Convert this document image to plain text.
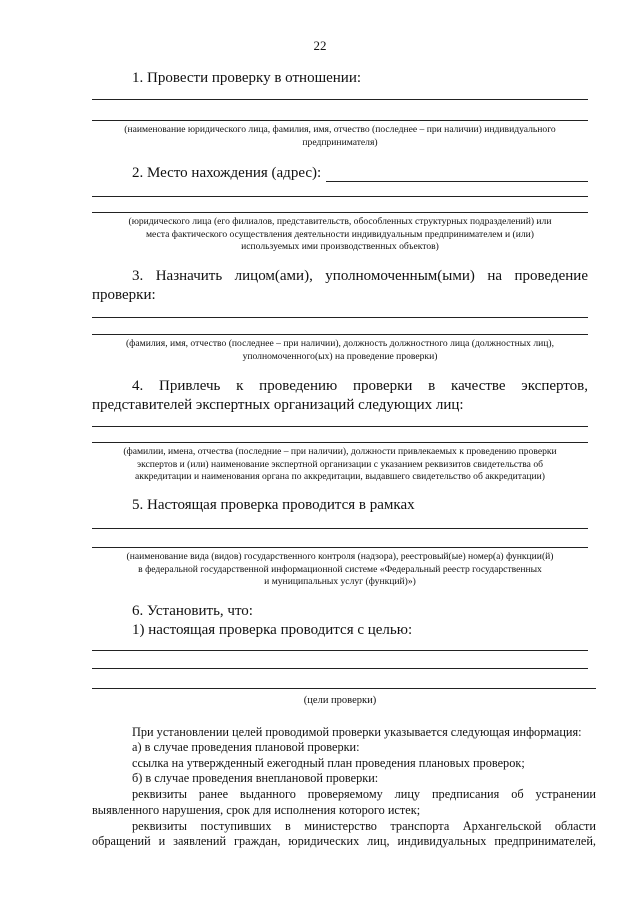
22
1. Провести проверку в отношении:
(наименование юридического лица, фамилия, имя, отчество (последнее – при наличии) индивидуального
предпринимателя)
2. Место нахождения (адрес):
(юридического лица (его филиалов, представительств, обособленных структурных подразделений) или
места фактического осуществления деятельности индивидуальным предпринимателем и (или)
используемых ими производственных объектов)
3. Назначить лицом(ами), уполномоченным(ыми) на проведение
проверки:
(фамилия, имя, отчество (последнее – при наличии), должность должностного лица (должностных лиц),
уполномоченного(ых) на проведение проверки)
4. Привлечь к проведению проверки в качестве экспертов,
представителей экспертных организаций следующих лиц:
(фамилии, имена, отчества (последние – при наличии), должности привлекаемых к проведению проверки
экспертов и (или) наименование экспертной организации с указанием реквизитов свидетельства об
аккредитации и наименования органа по аккредитации, выдавшего свидетельство об аккредитации)
5. Настоящая проверка проводится в рамках
(наименование вида (видов) государственного контроля (надзора), реестровый(ые) номер(а) функции(й)
в федеральной государственной информационной системе «Федеральный реестр государственных
и муниципальных услуг (функций)»)
6. Установить, что:
1) настоящая проверка проводится с целью:
(цели проверки)
При установлении целей проводимой проверки указывается следующая информация:
а) в случае проведения плановой проверки:
ссылка на утвержденный ежегодный план проведения плановых проверок;
б) в случае проведения внеплановой проверки:
реквизиты ранее выданного проверяемому лицу предписания об устранении
выявленного нарушения, срок для исполнения которого истек;
реквизиты поступивших в министерство транспорта Архангельской области
обращений и заявлений граждан, юридических лиц, индивидуальных предпринимателей,
